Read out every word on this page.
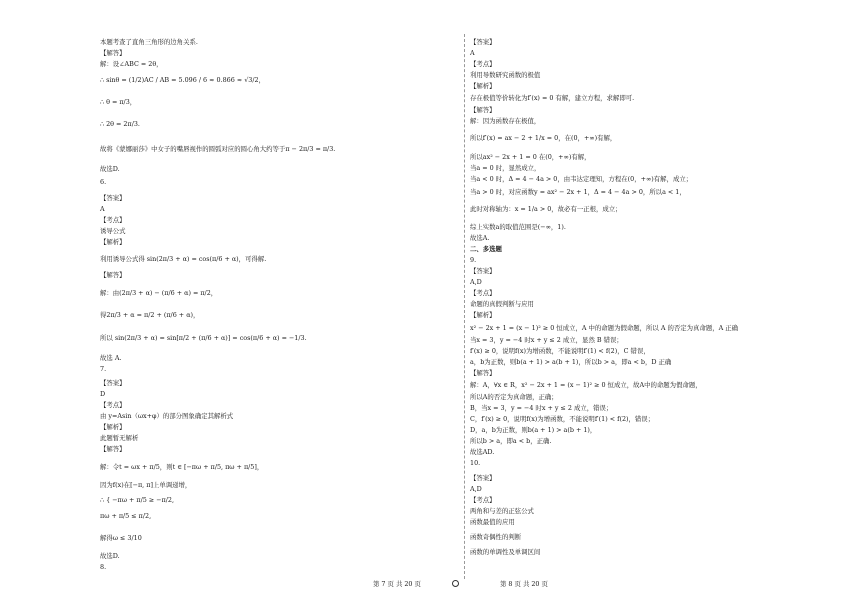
本题考查了直角三角形的边角关系.
【解答】
解：设∠ABC = 2θ，
∴ sinθ = (1/2)AC / AB = 5.096 / 6 ≈ 0.866 ≈ √3/2，
∴ θ = π/3，
∴ 2θ = 2π/3.
故将《蒙娜丽莎》中女子的嘴唇视作的圆弧对应的圆心角大约等于π − 2π/3 = π/3.
故选D.
6.
【答案】
A
【考点】
诱导公式
【解析】
利用诱导公式得 sin(2π/3 + α) = cos(π/6 + α)，可得解.
【解答】
解：由(2π/3 + α) − (π/6 + α) = π/2，
得2π/3 + α = π/2 + (π/6 + α)，
所以 sin(2π/3 + α) = sin[π/2 + (π/6 + α)] = cos(π/6 + α) = −1/3.
故选 A.
7.
【答案】
D
【考点】
由 y=Asin（ωx+φ）的部分图象确定其解析式
【解析】
此题暂无解析
【解答】
解：令t = ωx + π/5，则t ∈ [−πω + π/5, πω + π/5]，
因为f(x)在[−π, π]上单调递增，
∴ { −πω + π/5 ≥ −π/2,
πω + π/5 ≤ π/2,
解得ω ≤ 3/10
故选D.
8.
【答案】
A
【考点】
利用导数研究函数的极值
【解析】
存在极值等价转化为f′(x) = 0 有解，建立方程，求解即可.
【解答】
解：因为函数存在极值，
所以f′(x) = ax − 2 + 1/x = 0，在(0，+∞)有解，
所以ax² − 2x + 1 = 0 在(0，+∞)有解，
当a = 0 时，显然成立，
当a < 0 时，Δ = 4 − 4a > 0，由韦达定理知，方程在(0，+∞)有解，成立；
当a > 0 时，对应函数y = ax² − 2x + 1，Δ = 4 − 4a > 0，所以a < 1，
此时对称轴为：x = 1/a > 0，故必有一正根，成立；
综上实数a的取值范围是(−∞，1).
故选A.
二、多选题
9.
【答案】
A,D
【考点】
命题的真假判断与应用
【解析】
x² − 2x + 1 = (x − 1)² ≥ 0 恒成立，A 中的命题为假命题，所以 A 的否定为真命题，A 正确
当x = 3，y = −4 时x + y ≤ 2 成立，显然 B 错误；
f′(x) ≥ 0，说明f(x)为增函数，不能说明f′(1) < f(2)，C 错误，
a，b为正数，则b(a + 1) > a(b + 1)，所以b > a，即a < b，D 正确
【解答】
解：A，∀x ∈ R，x² − 2x + 1 = (x − 1)² ≥ 0 恒成立，故A中的命题为假命题，
所以A的否定为真命题，正确；
B，当x = 3，y = −4 时x + y ≤ 2 成立，错误；
C，f′(x) ≥ 0，说明f(x)为增函数，不能说明f′(1) < f(2)，错误；
D，a，b为正数，则b(a + 1) > a(b + 1)，
所以b > a，即a < b，正确.
故选AD.
10.
【答案】
A,D
【考点】
两角和与差的正弦公式
函数最值的应用
函数奇偶性的判断
函数的单调性及单调区间
第 7 页 共 20 页	第 8 页 共 20 页
